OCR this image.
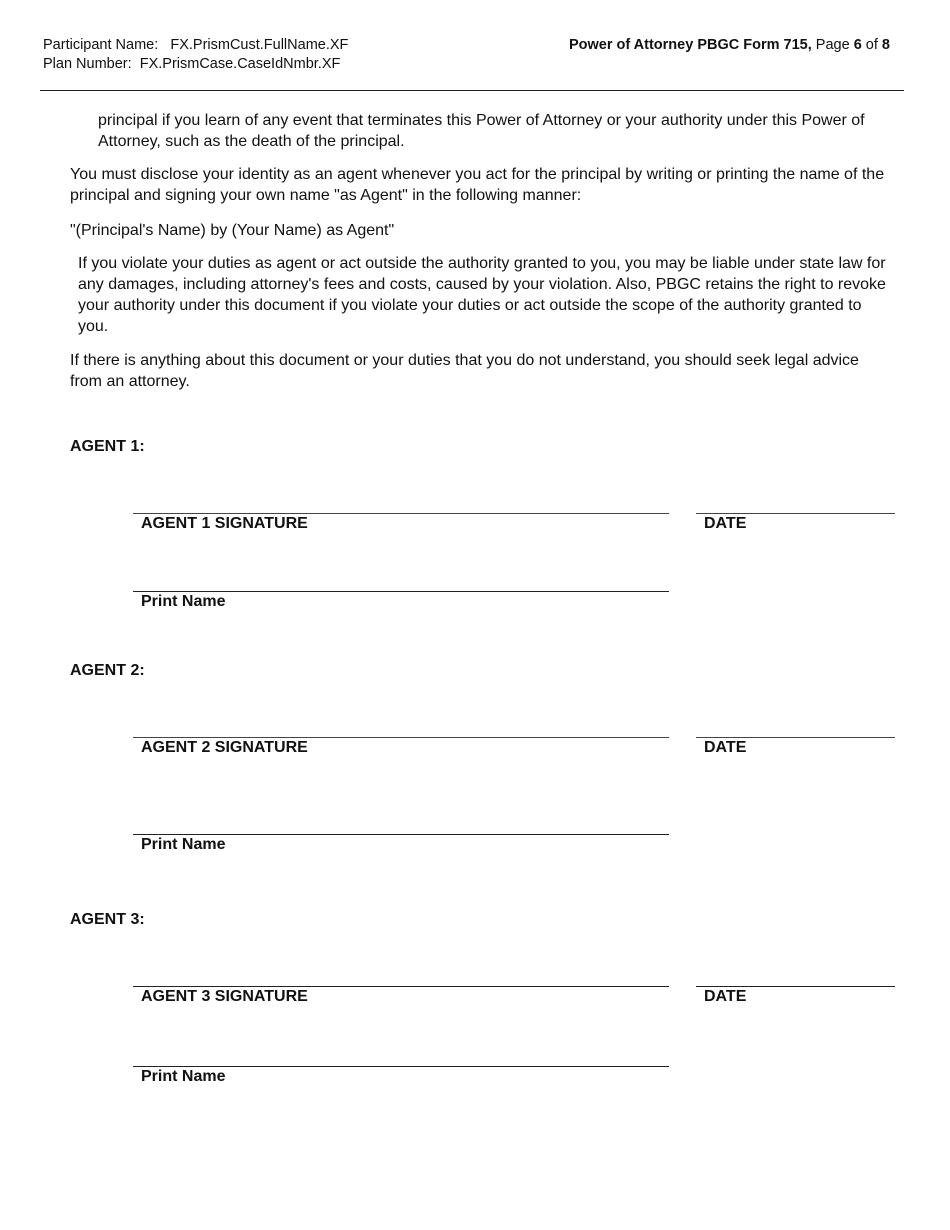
Participant Name: FX.PrismCust.FullName.XF
Plan Number: FX.PrismCase.CaseIdNmbr.XF
Power of Attorney PBGC Form 715, Page 6 of 8

principal if you learn of any event that terminates this Power of Attorney or your authority under this Power of Attorney, such as the death of the principal.

You must disclose your identity as an agent whenever you act for the principal by writing or printing the name of the principal and signing your own name "as Agent" in the following manner:

"(Principal's Name) by (Your Name) as Agent"

If you violate your duties as agent or act outside the authority granted to you, you may be liable under state law for any damages, including attorney's fees and costs, caused by your violation. Also, PBGC retains the right to revoke your authority under this document if you violate your duties or act outside the scope of the authority granted to you.

If there is anything about this document or your duties that you do not understand, you should seek legal advice from an attorney.

AGENT 1:
AGENT 1 SIGNATURE	DATE
Print Name
AGENT 2:
AGENT 2 SIGNATURE	DATE
Print Name
AGENT 3:
AGENT 3 SIGNATURE	DATE
Print Name
